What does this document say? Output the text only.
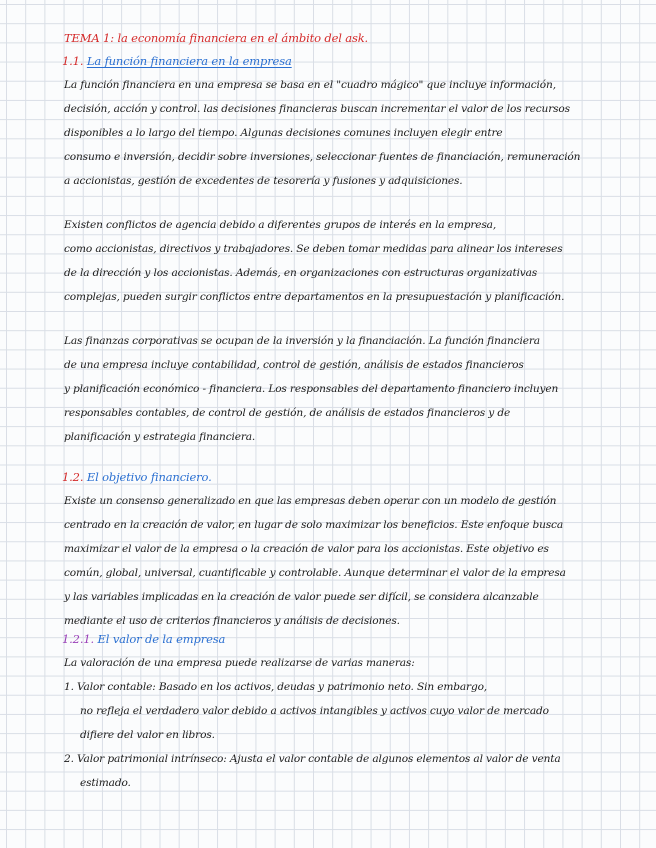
TEMA 1: la economía financiera en el ámbito del ask.
1.1. La función financiera en la empresa
La función financiera en una empresa se basa en el "cuadro mágico" que incluye información,
decisión, acción y control. las decisiones financieras buscan incrementar el valor de los recursos
disponibles a lo largo del tiempo. Algunas decisiones comunes incluyen elegir entre
consumo e inversión, decidir sobre inversiones, seleccionar fuentes de financiación, remuneración
a accionistas, gestión de excedentes de tesorería y fusiones y adquisiciones.
Existen conflictos de agencia debido a diferentes grupos de interés en la empresa,
como accionistas, directivos y trabajadores. Se deben tomar medidas para alinear los intereses
de la dirección y los accionistas. Además, en organizaciones con estructuras organizativas
complejas, pueden surgir conflictos entre departamentos en la presupuestación y planificación.
Las finanzas corporativas se ocupan de la inversión y la financiación. La función financiera
de una empresa incluye contabilidad, control de gestión, análisis de estados financieros
y planificación económico - financiera. Los responsables del departamento financiero incluyen
responsables contables, de control de gestión, de análisis de estados financieros y de
planificación y estrategia financiera.
1.2. El objetivo financiero.
Existe un consenso generalizado en que las empresas deben operar con un modelo de gestión
centrado en la creación de valor, en lugar de solo maximizar los beneficios. Este enfoque busca
maximizar el valor de la empresa o la creación de valor para los accionistas. Este objetivo es
común, global, universal, cuantificable y controlable. Aunque determinar el valor de la empresa
y las variables implicadas en la creación de valor puede ser difícil, se considera alcanzable
mediante el uso de criterios financieros y análisis de decisiones.
1.2.1. El valor de la empresa
La valoración de una empresa puede realizarse de varias maneras:
1. Valor contable: Basado en los activos, deudas y patrimonio neto. Sin embargo,
no refleja el verdadero valor debido a activos intangibles y activos cuyo valor de mercado
difiere del valor en libros.
2. Valor patrimonial intrínseco: Ajusta el valor contable de algunos elementos al valor de venta
estimado.
